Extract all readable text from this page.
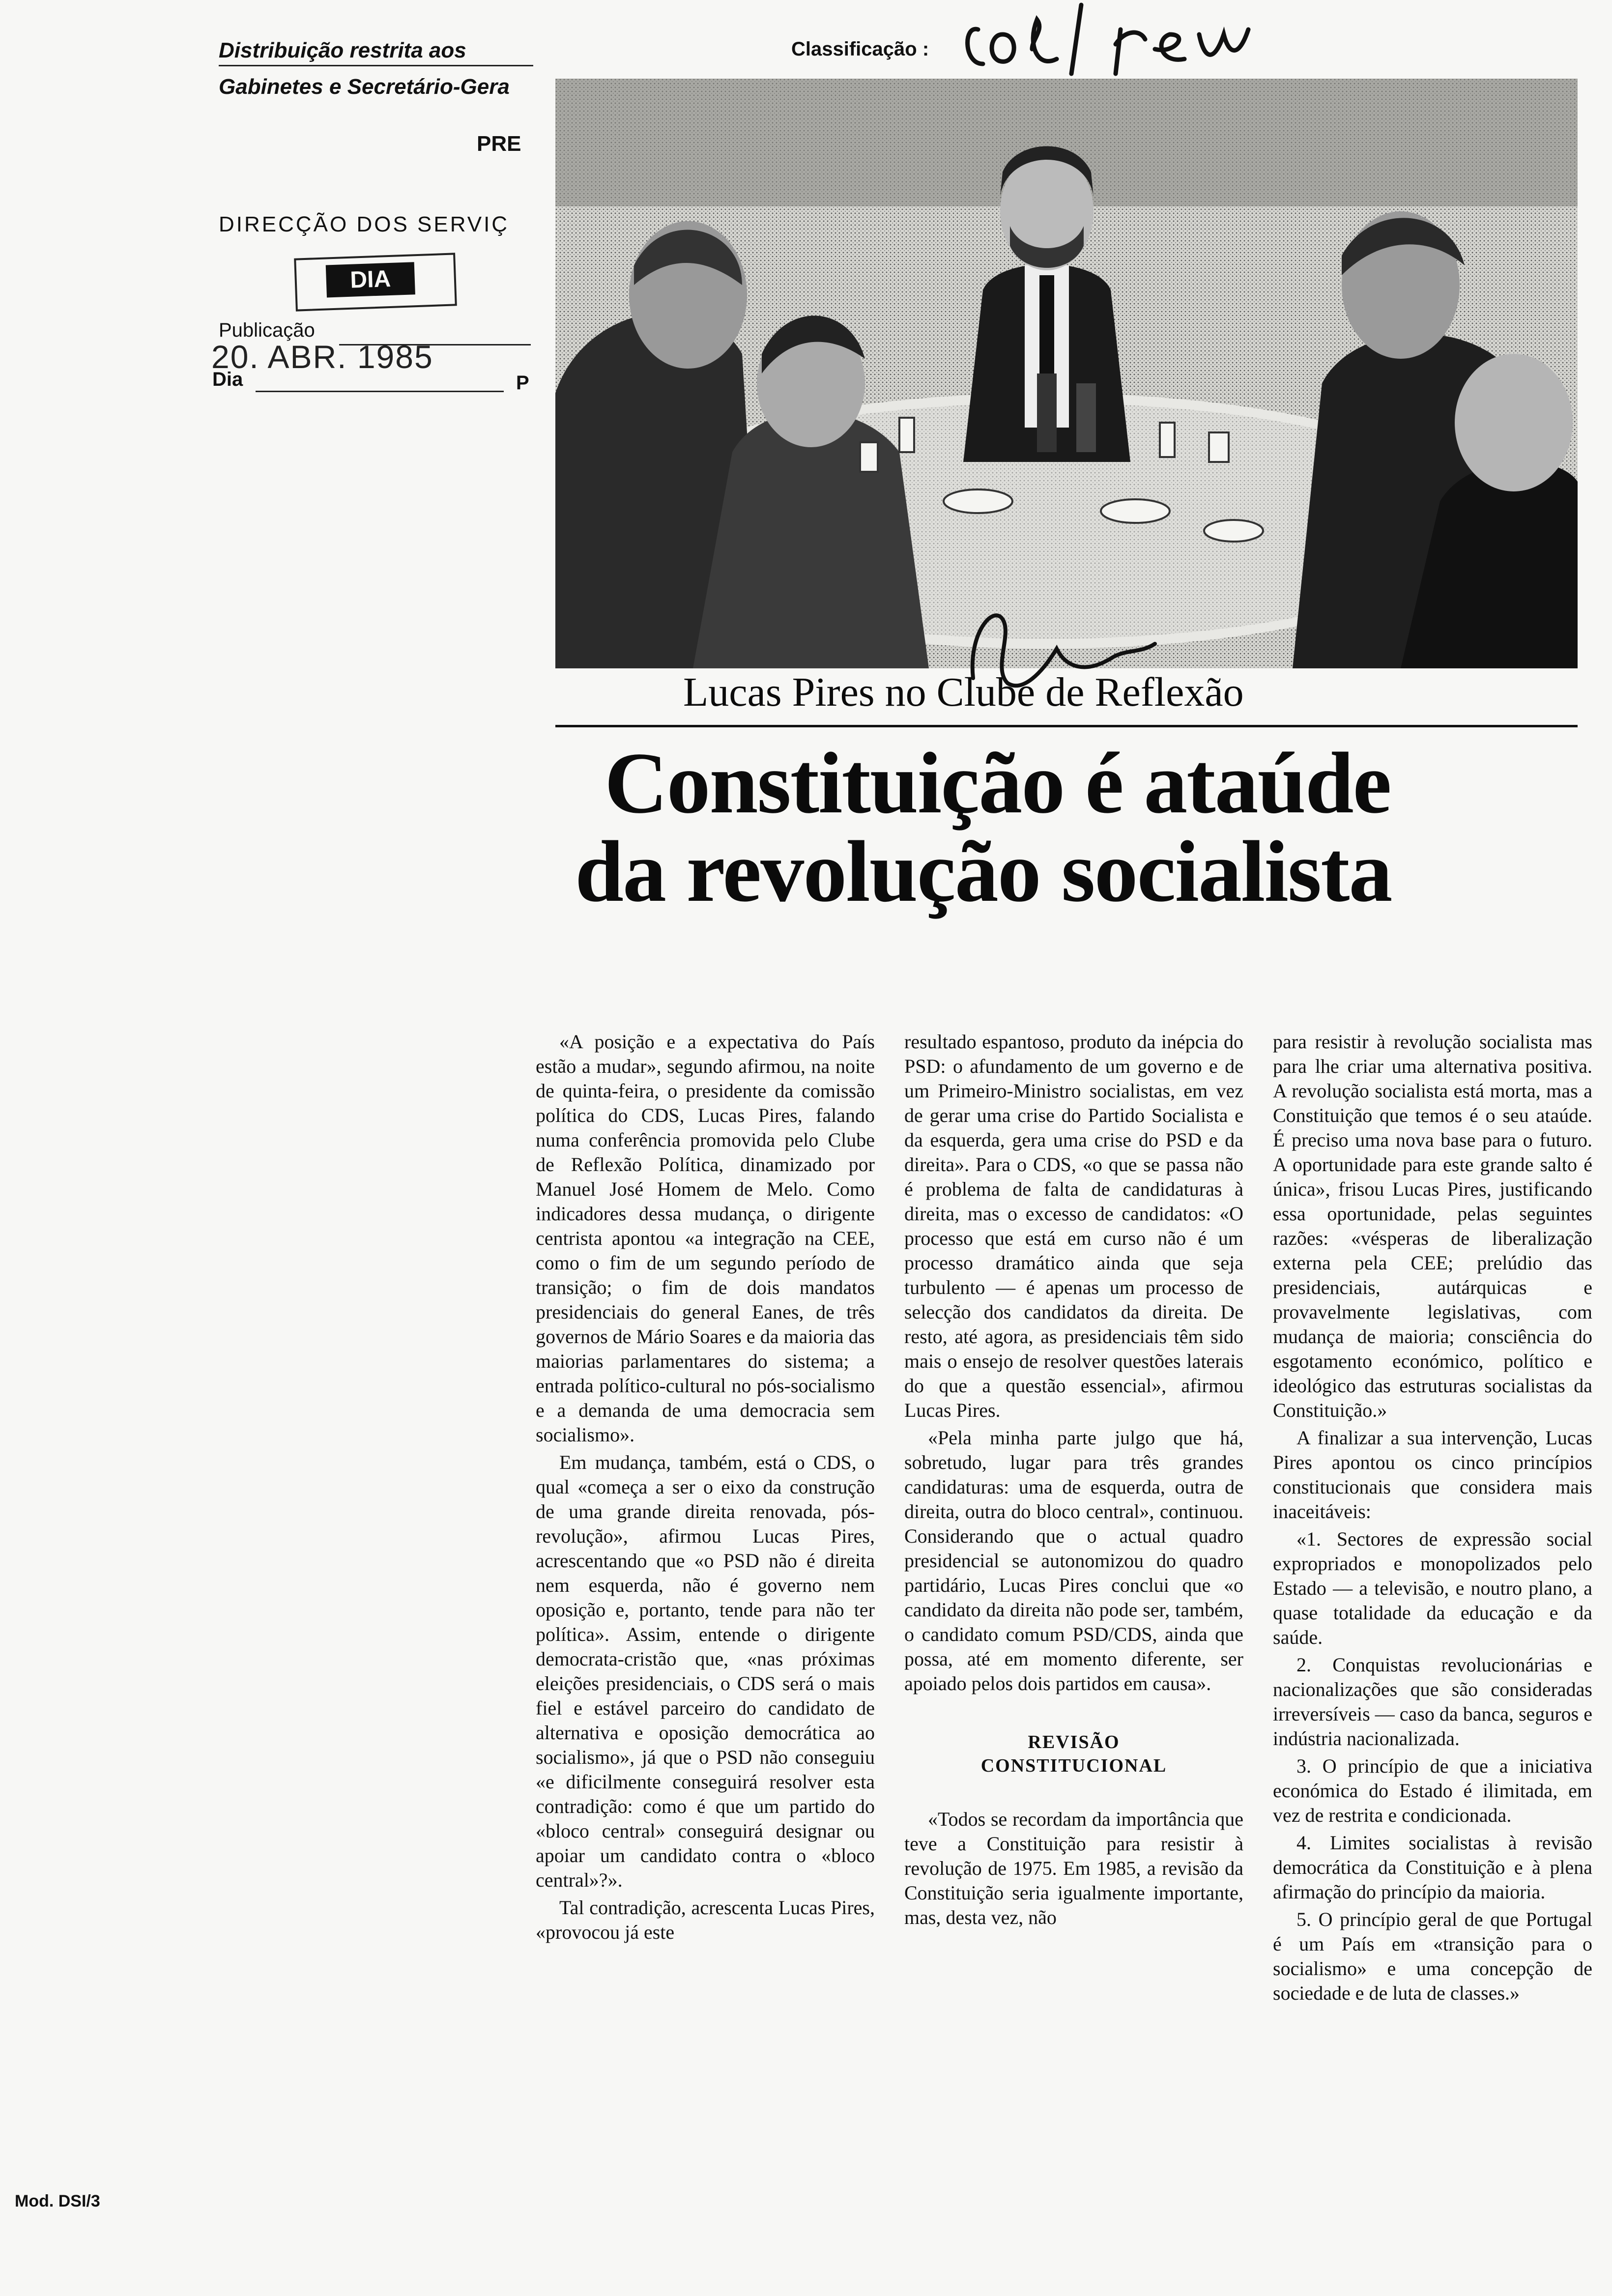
Distribuição restrita aos
Gabinetes e Secretário-Gera
Classificação :
PRE
DIRECÇÃO DOS SERVIÇ
DIA
Publicação
20. ABR. 1985
Dia	P
Mod. DSI/3
Lucas Pires no Clube de Reflexão
Constituição é ataúde
da revolução socialista

«A posição e a expectativa do País estão a mudar», segundo afirmou, na noite de quinta-feira, o presidente da comissão política do CDS, Lucas Pires, falando numa conferência promovida pelo Clube de Reflexão Política, dinamizado por Manuel José Homem de Melo. Como indicadores dessa mudança, o dirigente centrista apontou «a integração na CEE, como o fim de um segundo período de transição; o fim de dois mandatos presidenciais do general Eanes, de três governos de Mário Soares e da maioria das maiorias parlamentares do sistema; a entrada político-cultural no pós-socialismo e a demanda de uma democracia sem socialismo».

Em mudança, também, está o CDS, o qual «começa a ser o eixo da construção de uma grande direita renovada, pós-revolução», afirmou Lucas Pires, acrescentando que «o PSD não é direita nem esquerda, não é governo nem oposição e, portanto, tende para não ter política». Assim, entende o dirigente democrata-cristão que, «nas próximas eleições presidenciais, o CDS será o mais fiel e estável parceiro do candidato de alternativa e oposição democrática ao socialismo», já que o PSD não conseguiu «e dificilmente conseguirá resolver esta contradição: como é que um partido do «bloco central» conseguirá designar ou apoiar um candidato contra o «bloco central»?».

Tal contradição, acrescenta Lucas Pires, «provocou já este

resultado espantoso, produto da inépcia do PSD: o afundamento de um governo e de um Primeiro-Ministro socialistas, em vez de gerar uma crise do Partido Socialista e da esquerda, gera uma crise do PSD e da direita». Para o CDS, «o que se passa não é problema de falta de candidaturas à direita, mas o excesso de candidatos: «O processo que está em curso não é um processo dramático ainda que seja turbulento — é apenas um processo de selecção dos candidatos da direita. De resto, até agora, as presidenciais têm sido mais o ensejo de resolver questões laterais do que a questão essencial», afirmou Lucas Pires.

«Pela minha parte julgo que há, sobretudo, lugar para três grandes candidaturas: uma de esquerda, outra de direita, outra do bloco central», continuou. Considerando que o actual quadro presidencial se autonomizou do quadro partidário, Lucas Pires conclui que «o candidato da direita não pode ser, também, o candidato comum PSD/CDS, ainda que possa, até em momento diferente, ser apoiado pelos dois partidos em causa».

REVISÃO CONSTITUCIONAL

«Todos se recordam da importância que teve a Constituição para resistir à revolução de 1975. Em 1985, a revisão da Constituição seria igualmente importante, mas, desta vez, não

para resistir à revolução socialista mas para lhe criar uma alternativa positiva. A revolução socialista está morta, mas a Constituição que temos é o seu ataúde. É preciso uma nova base para o futuro. A oportunidade para este grande salto é única», frisou Lucas Pires, justificando essa oportunidade, pelas seguintes razões: «vésperas de liberalização externa pela CEE; prelúdio das presidenciais, autárquicas e provavelmente legislativas, com mudança de maioria; consciência do esgotamento económico, político e ideológico das estruturas socialistas da Constituição.»

A finalizar a sua intervenção, Lucas Pires apontou os cinco princípios constitucionais que considera mais inaceitáveis:

«1. Sectores de expressão social expropriados e monopolizados pelo Estado — a televisão, e noutro plano, a quase totalidade da educação e da saúde.

2. Conquistas revolucionárias e nacionalizações que são consideradas irreversíveis — caso da banca, seguros e indústria nacionalizada.

3. O princípio de que a iniciativa económica do Estado é ilimitada, em vez de restrita e condicionada.

4. Limites socialistas à revisão democrática da Constituição e à plena afirmação do princípio da maioria.

5. O princípio geral de que Portugal é um País em «transição para o socialismo» e uma concepção de sociedade e de luta de classes.»
